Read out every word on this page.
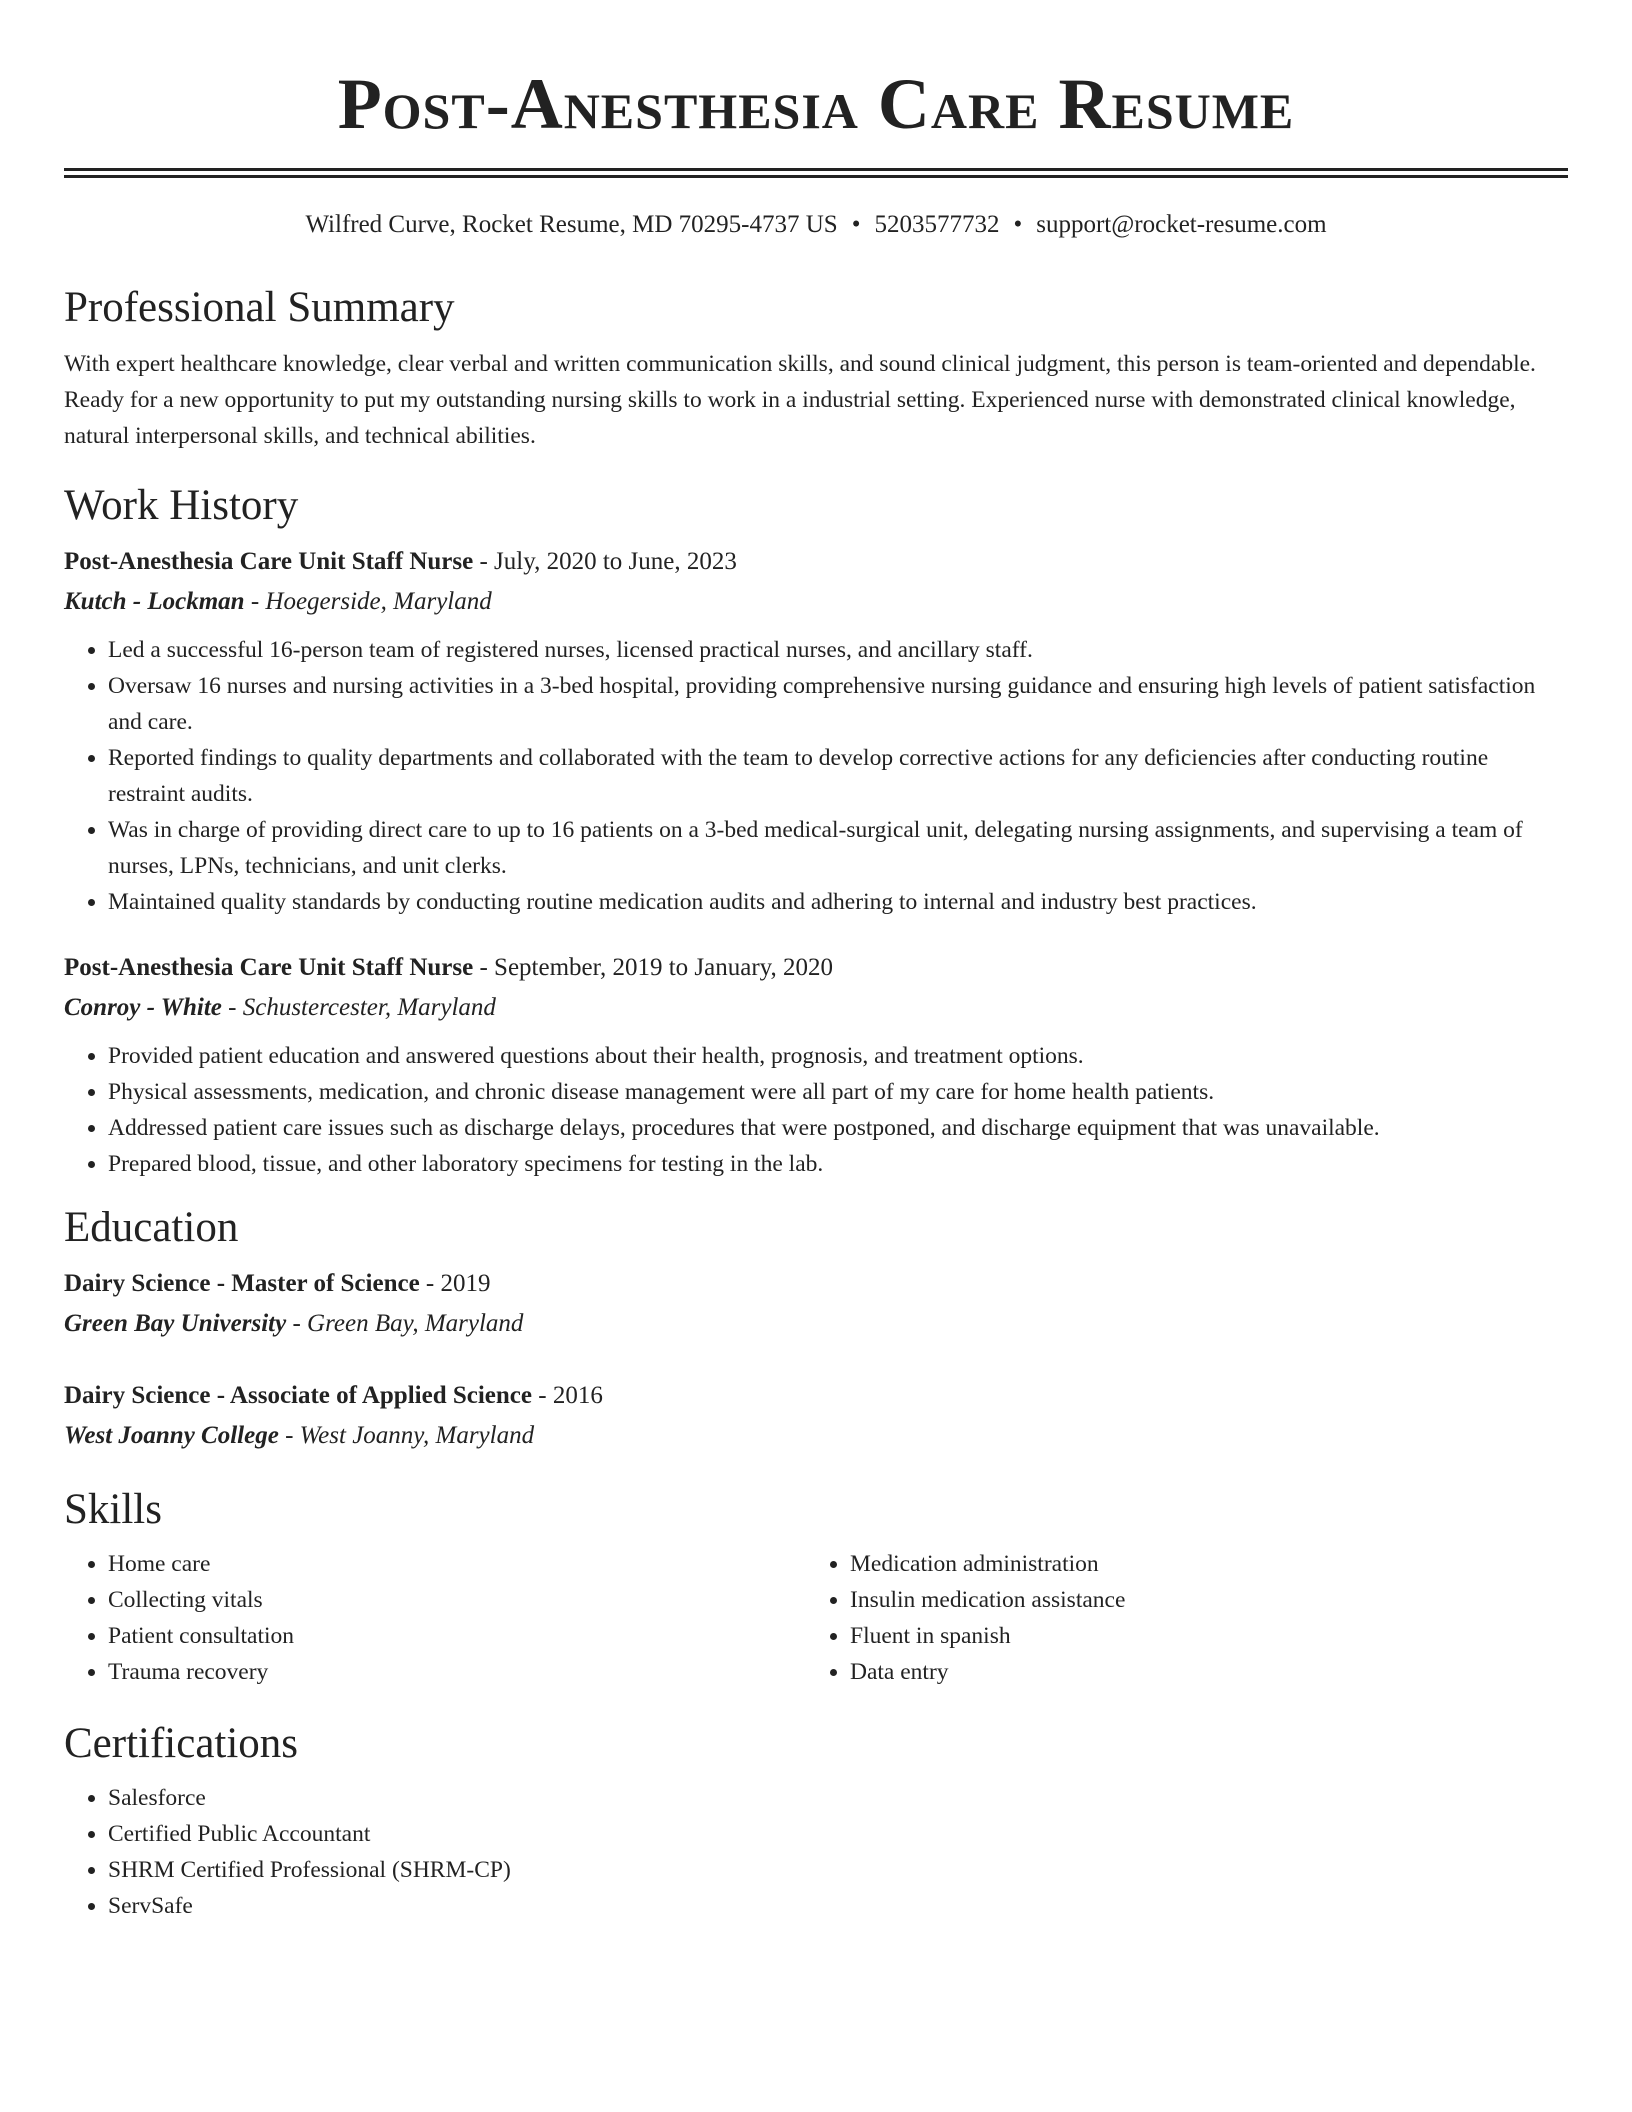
Post-Anesthesia Care Resume
Wilfred Curve, Rocket Resume, MD 70295-4737 US • 5203577732 • support@rocket-resume.com
Professional Summary

With expert healthcare knowledge, clear verbal and written communication skills, and sound clinical judgment, this person is team-oriented and dependable. Ready for a new opportunity to put my outstanding nursing skills to work in a industrial setting. Experienced nurse with demonstrated clinical knowledge, natural interpersonal skills, and technical abilities.

Work History
Post-Anesthesia Care Unit Staff Nurse - July, 2020 to June, 2023
Kutch - Lockman - Hoegerside, Maryland
• Led a successful 16-person team of registered nurses, licensed practical nurses, and ancillary staff.
• Oversaw 16 nurses and nursing activities in a 3-bed hospital, providing comprehensive nursing guidance and ensuring high levels of patient satisfaction and care.
• Reported findings to quality departments and collaborated with the team to develop corrective actions for any deficiencies after conducting routine restraint audits.
• Was in charge of providing direct care to up to 16 patients on a 3-bed medical-surgical unit, delegating nursing assignments, and supervising a team of nurses, LPNs, technicians, and unit clerks.
• Maintained quality standards by conducting routine medication audits and adhering to internal and industry best practices.
Post-Anesthesia Care Unit Staff Nurse - September, 2019 to January, 2020
Conroy - White - Schustercester, Maryland
• Provided patient education and answered questions about their health, prognosis, and treatment options.
• Physical assessments, medication, and chronic disease management were all part of my care for home health patients.
• Addressed patient care issues such as discharge delays, procedures that were postponed, and discharge equipment that was unavailable.
• Prepared blood, tissue, and other laboratory specimens for testing in the lab.
Education
Dairy Science - Master of Science - 2019
Green Bay University - Green Bay, Maryland
Dairy Science - Associate of Applied Science - 2016
West Joanny College - West Joanny, Maryland
Skills
• Home care
• Collecting vitals
• Patient consultation
• Trauma recovery
• Medication administration
• Insulin medication assistance
• Fluent in spanish
• Data entry
Certifications
• Salesforce
• Certified Public Accountant
• SHRM Certified Professional (SHRM-CP)
• ServSafe
